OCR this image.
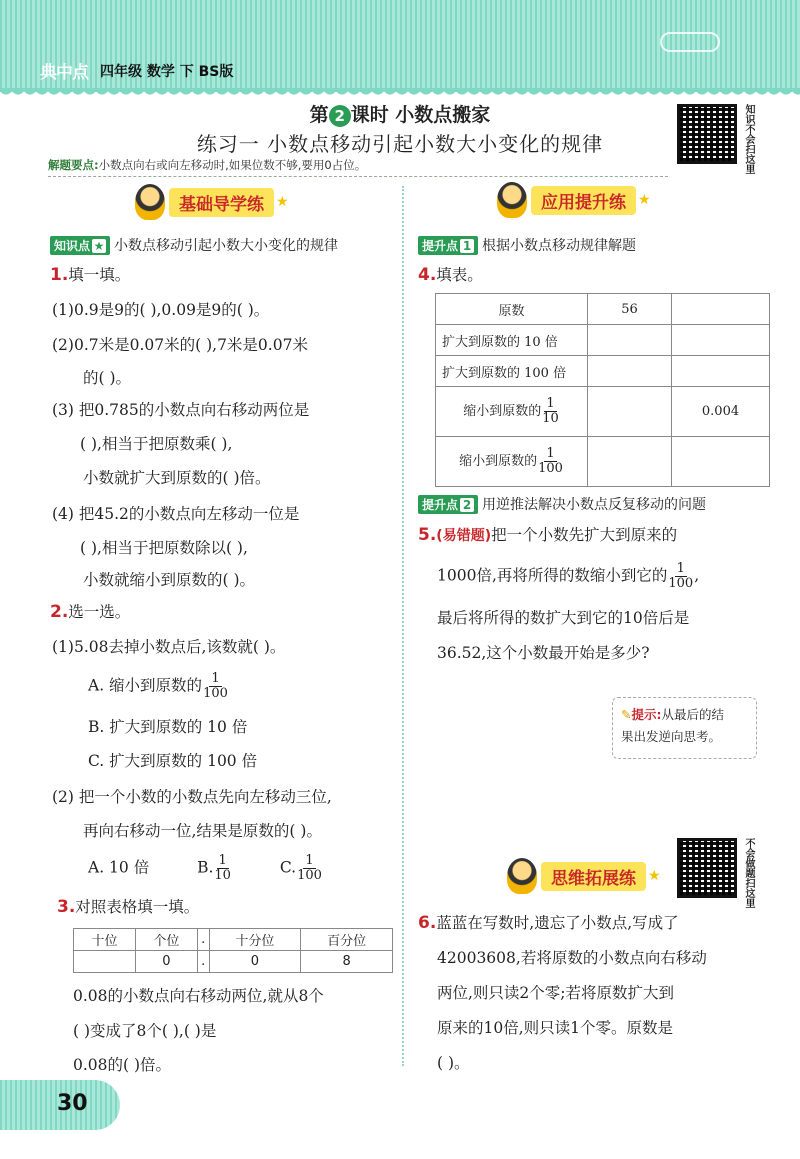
典中点 四年级 数学 下 BS版
第 2 课时 小数点搬家
练习一 小数点移动引起小数大小变化的规律	知识不会扫这里
解题要点:小数点向右或向左移动时,如果位数不够,要用0占位。
基础导学练 ★
知识点 ★ 小数点移动引起小数大小变化的规律
1.填一填。
(1)0.9是9的( ),0.09是9的( )。
(2)0.7米是0.07米的( ),7米是0.07米
的( )。
(3) 把0.785的小数点向右移动两位是
( ),相当于把原数乘( ),
小数就扩大到原数的( )倍。
(4) 把45.2的小数点向左移动一位是
( ),相当于把原数除以( ),
小数就缩小到原数的( )。
2.选一选。
(1)5.08去掉小数点后,该数就( )。
A. 缩小到原数的 $\frac{1}{100}$
B. 扩大到原数的 10 倍
C. 扩大到原数的 100 倍
(2) 把一个小数的小数点先向左移动三位,
再向右移动一位,结果是原数的( )。
A. 10 倍	B. $\frac{1}{10}$	C. $\frac{1}{100}$
3.对照表格填一填。
十位	个位	.	十分位	百分位
	0	.	0	8
0.08的小数点向右移动两位,就从8个
( )变成了8个( ),( )是
0.08的( )倍。
应用提升练 ★
提升点 1 根据小数点移动规律解题
4.填表。
原数	56	
扩大到原数的 10 倍		
扩大到原数的 100 倍		
缩小到原数的 $\frac{1}{10}$		0.004
缩小到原数的 $\frac{1}{100}$

提升点 2 用逆推法解决小数点反复移动的问题
5.(易错题)把一个小数先扩大到原来的
1000倍,再将所得的数缩小到它的 $\frac{1}{100}$ ,
最后将所得的数扩大到它的10倍后是
36.52,这个小数最开始是多少?
✎提示:从最后的结
果出发逆向思考。
思维拓展练 ★	不会做题扫这里
6.蓝蓝在写数时,遗忘了小数点,写成了
42003608,若将原数的小数点向右移动
两位,则只读2个零;若将原数扩大到
原来的10倍,则只读1个零。原数是
( )。
30
